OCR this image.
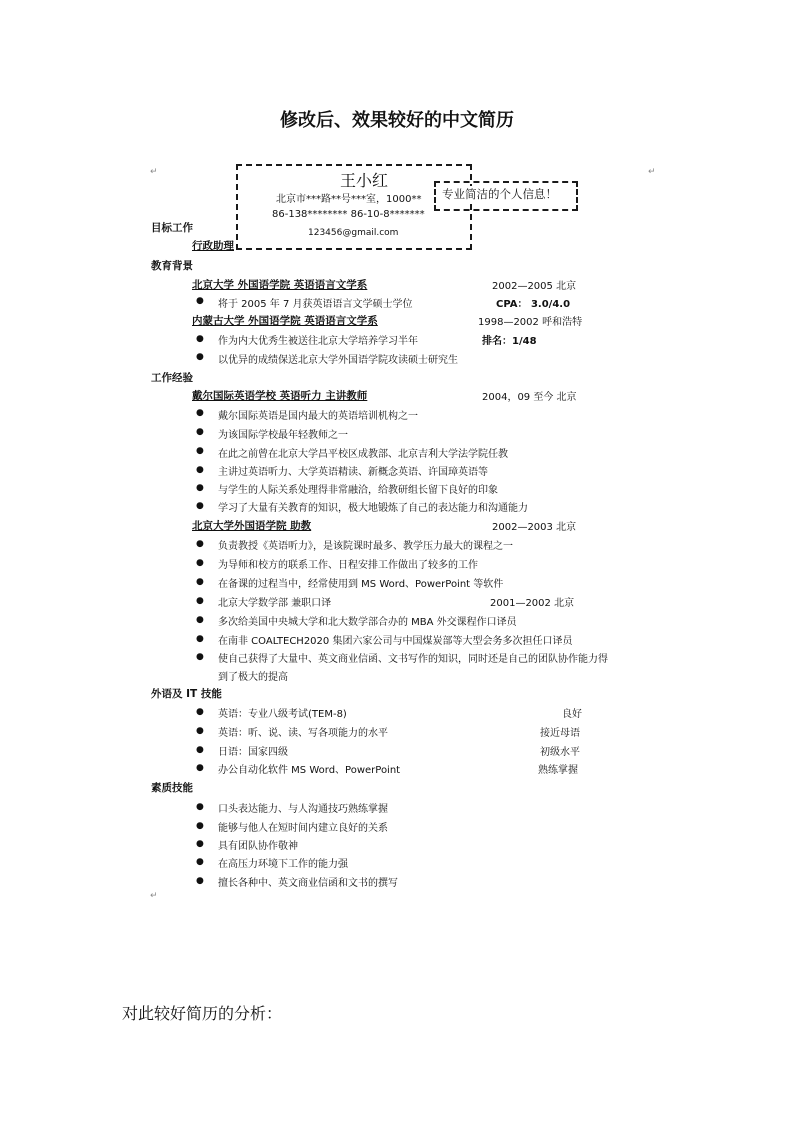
修改后、效果较好的中文简历
王小红
北京市***路**号***室，1000**
86-138******** 86-10-8*******
123456@gmail.com
专业简洁的个人信息！
↵	↵
↵
目标工作
行政助理
教育背景
北京大学 外国语学院 英语语言文学系	2002—2005 北京
● 将于 2005 年 7 月获英语语言文学硕士学位	CPA： 3.0/4.0
内蒙古大学 外国语学院 英语语言文学系	1998—2002 呼和浩特
● 作为内大优秀生被送往北京大学培养学习半年	排名：1/48
● 以优异的成绩保送北京大学外国语学院攻读硕士研究生
工作经验
戴尔国际英语学校 英语听力 主讲教师	2004，09 至今 北京
● 戴尔国际英语是国内最大的英语培训机构之一
● 为该国际学校最年轻教师之一
● 在此之前曾在北京大学昌平校区成教部、北京吉利大学法学院任教
● 主讲过英语听力、大学英语精读、新概念英语、许国璋英语等
● 与学生的人际关系处理得非常融洽，给教研组长留下良好的印象
● 学习了大量有关教育的知识，极大地锻炼了自己的表达能力和沟通能力
北京大学外国语学院 助教	2002—2003 北京
● 负责教授《英语听力》，是该院课时最多、教学压力最大的课程之一
● 为导师和校方的联系工作、日程安排工作做出了较多的工作
● 在备课的过程当中，经常使用到 MS Word、PowerPoint 等软件
● 北京大学数学部 兼职口译	2001—2002 北京
● 多次给美国中央城大学和北大数学部合办的 MBA 外交课程作口译员
● 在南非 COALTECH2020 集团六家公司与中国煤炭部等大型会务多次担任口译员
● 使自己获得了大量中、英文商业信函、文书写作的知识，同时还是自己的团队协作能力得
到了极大的提高
外语及 IT 技能
● 英语：专业八级考试(TEM-8)	良好
● 英语：听、说、读、写各项能力的水平	接近母语
● 日语：国家四级	初级水平
● 办公自动化软件 MS Word、PowerPoint	熟练掌握
素质技能
● 口头表达能力、与人沟通技巧熟练掌握
● 能够与他人在短时间内建立良好的关系
● 具有团队协作敬神
● 在高压力环境下工作的能力强
● 擅长各种中、英文商业信函和文书的撰写
对此较好简历的分析：
